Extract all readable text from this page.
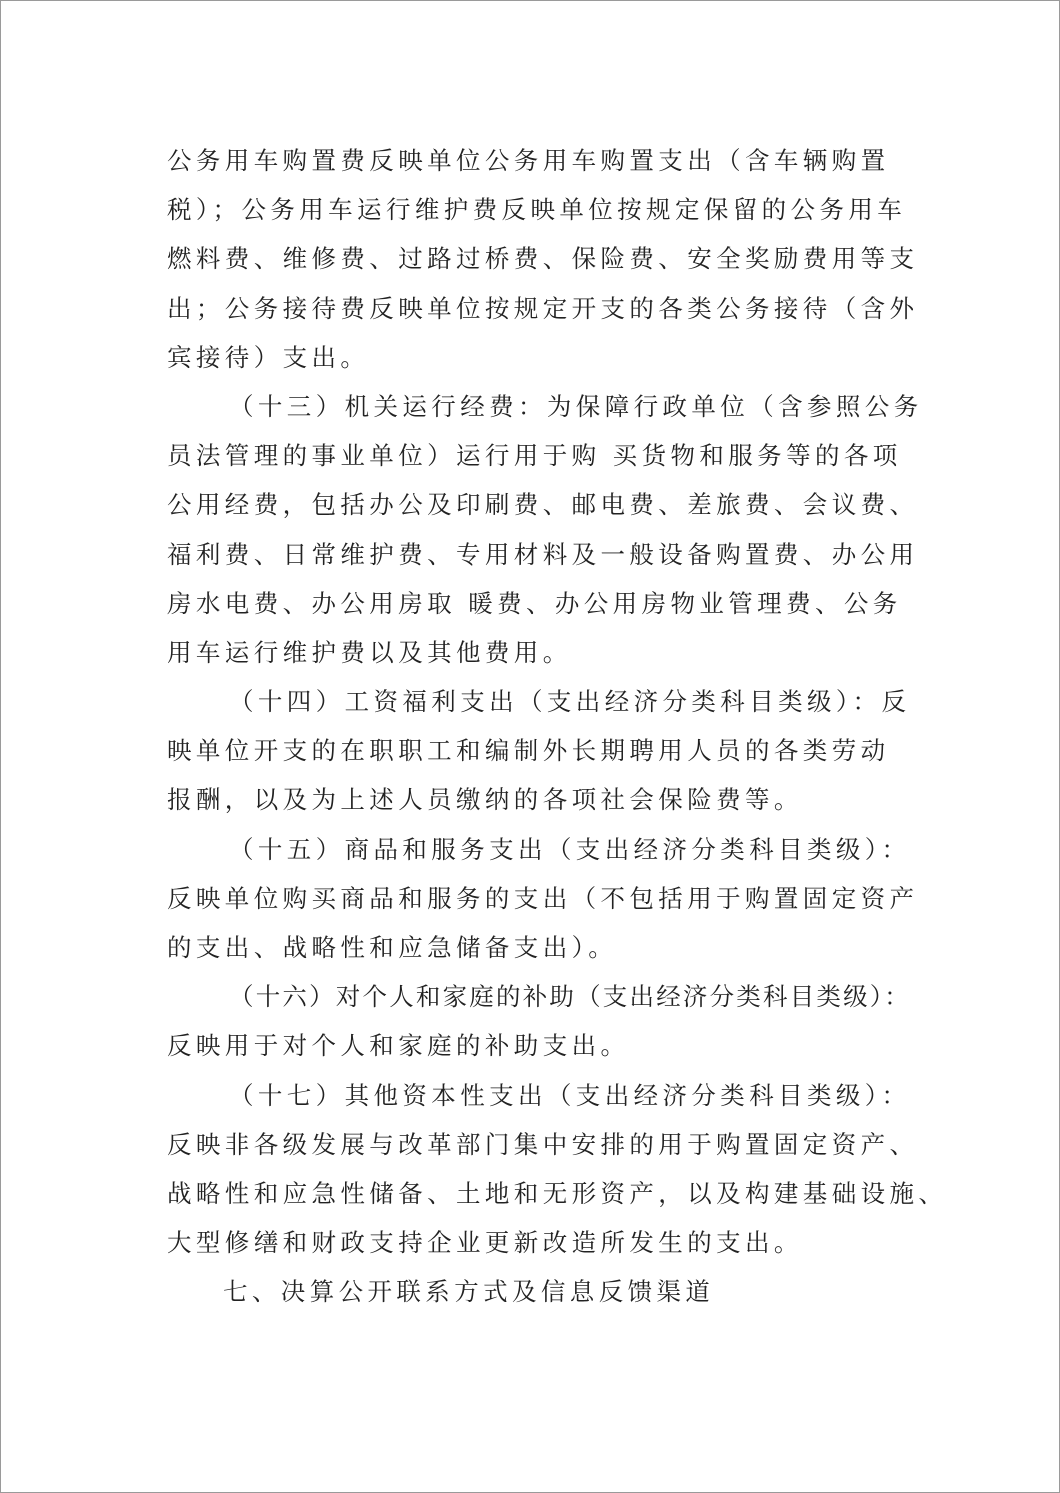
公务用车购置费反映单位公务用车购置支出（含车辆购置
税）；公务用车运行维护费反映单位按规定保留的公务用车
燃料费、维修费、过路过桥费、保险费、安全奖励费用等支
出；公务接待费反映单位按规定开支的各类公务接待（含外
宾接待）支出。
（十三）机关运行经费：为保障行政单位（含参照公务
员法管理的事业单位）运行用于购 买货物和服务等的各项
公用经费，包括办公及印刷费、邮电费、差旅费、会议费、
福利费、日常维护费、专用材料及一般设备购置费、办公用
房水电费、办公用房取 暖费、办公用房物业管理费、公务
用车运行维护费以及其他费用。
（十四）工资福利支出（支出经济分类科目类级）：反
映单位开支的在职职工和编制外长期聘用人员的各类劳动
报酬，以及为上述人员缴纳的各项社会保险费等。
（十五）商品和服务支出（支出经济分类科目类级）：
反映单位购买商品和服务的支出（不包括用于购置固定资产
的支出、战略性和应急储备支出）。
（十六）对个人和家庭的补助（支出经济分类科目类级）：
反映用于对个人和家庭的补助支出。
（十七）其他资本性支出（支出经济分类科目类级）：
反映非各级发展与改革部门集中安排的用于购置固定资产、
战略性和应急性储备、土地和无形资产，以及构建基础设施、
大型修缮和财政支持企业更新改造所发生的支出。
七、决算公开联系方式及信息反馈渠道
